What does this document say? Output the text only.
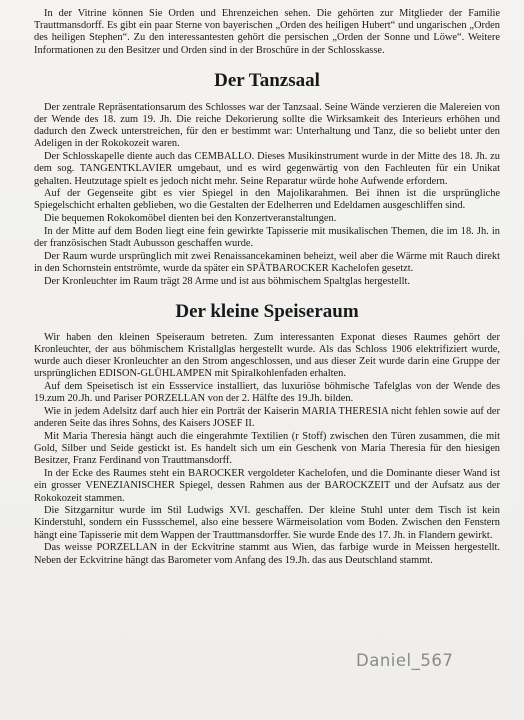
In der Vitrine können Sie Orden und Ehrenzeichen sehen. Die gehörten zur Mitglieder der Familie Trauttmansdorff. Es gibt ein paar Sterne von bayerischen „Orden des heiligen Hubert“ und ungarischen „Orden des heiligen Stephen“. Zu den interessantesten gehört die persischen „Orden der Sonne und Löwe“. Weitere Informationen zu den Besitzer und Orden sind in der Broschüre in der Schlosskasse.

Der Tanzsaal

Der zentrale Repräsentationsarum des Schlosses war der Tanzsaal. Seine Wände verzieren die Malereien von der Wende des 18. zum 19. Jh. Die reiche Dekorierung sollte die Wirksamkeit des Interieurs erhöhen und dadurch den Zweck unterstreichen, für den er bestimmt war: Unterhaltung und Tanz, die so beliebt unter den Adeligen in der Rokokozeit waren.

Der Schlosskapelle diente auch das CEMBALLO. Dieses Musikinstrument wurde in der Mitte des 18. Jh. zu dem sog. TANGENTKLAVIER umgebaut, und es wird gegenwärtig von den Fachleuten für ein Unikat gehalten. Heutzutage spielt es jedoch nicht mehr. Seine Reparatur würde hohe Aufwende erfordern.

Auf der Gegenseite gibt es vier Spiegel in den Majolikarahmen. Bei ihnen ist die ursprüngliche Spiegelschicht erhalten geblieben, wo die Gestalten der Edelherren und Edeldamen ausgeschliffen sind.

Die bequemen Rokokomöbel dienten bei den Konzertveranstaltungen.

In der Mitte auf dem Boden liegt eine fein gewirkte Tapisserie mit musikalischen Themen, die im 18. Jh. in der französischen Stadt Aubusson geschaffen wurde.

Der Raum wurde ursprünglich mit zwei Renaissancekaminen beheizt, weil aber die Wärme mit Rauch direkt in den Schornstein entströmte, wurde da später ein SPÄTBAROCKER Kachelofen gesetzt.

Der Kronleuchter im Raum trägt 28 Arme und ist aus böhmischem Spaltglas hergestellt.

Der kleine Speiseraum

Wir haben den kleinen Speiseraum betreten. Zum interessanten Exponat dieses Raumes gehört der Kronleuchter, der aus böhmischem Kristallglas hergestellt wurde. Als das Schloss 1906 elektrifiziert wurde, wurde auch dieser Kronleuchter an den Strom angeschlossen, und aus dieser Zeit wurde darin eine Gruppe der ursprünglichen EDISON-GLÜHLAMPEN mit Spiralkohlenfaden erhalten.

Auf dem Speisetisch ist ein Essservice installiert, das luxuriöse böhmische Tafelglas von der Wende des 19.zum 20.Jh. und Pariser PORZELLAN von der 2. Hälfte des 19.Jh. bilden.

Wie in jedem Adelsitz darf auch hier ein Porträt der Kaiserin MARIA THERESIA nicht fehlen sowie auf der anderen Seite das ihres Sohns, des Kaisers JOSEF II.

Mit Maria Theresia hängt auch die eingerahmte Textilien (r Stoff) zwischen den Türen zusammen, die mit Gold, Silber und Seide gestickt ist. Es handelt sich um ein Geschenk von Maria Theresia für den hiesigen Besitzer, Franz Ferdinand von Trauttmansdorff.

In der Ecke des Raumes steht ein BAROCKER vergoldeter Kachelofen, und die Dominante dieser Wand ist ein grosser VENEZIANISCHER Spiegel, dessen Rahmen aus der BAROCKZEIT und der Aufsatz aus der Rokokozeit stammen.

Die Sitzgarnitur wurde im Stil Ludwigs XVI. geschaffen. Der kleine Stuhl unter dem Tisch ist kein Kinderstuhl, sondern ein Fussschemel, also eine bessere Wärmeisolation vom Boden. Zwischen den Fenstern hängt eine Tapisserie mit dem Wappen der Trauttmansdorffer. Sie wurde Ende des 17. Jh. in Flandern gewirkt.

Das weisse PORZELLAN in der Eckvitrine stammt aus Wien, das farbige wurde in Meissen hergestellt. Neben der Eckvitrine hängt das Barometer vom Anfang des 19.Jh. das aus Deutschland stammt.

Daniel_567
